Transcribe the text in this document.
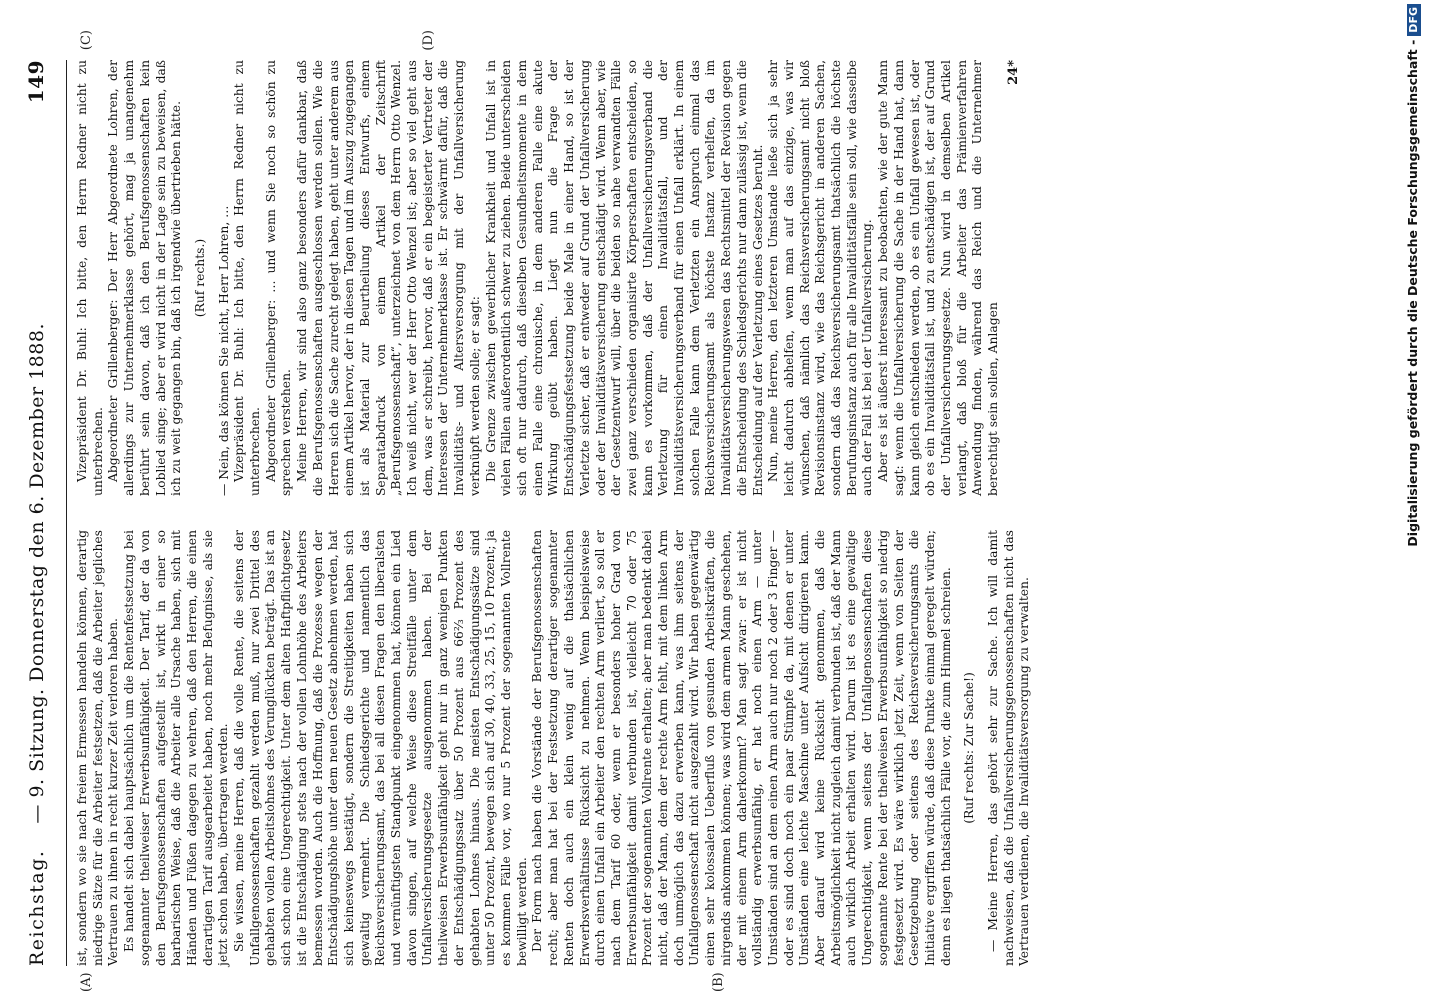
Reichstag.
— 9. Sitzung. Donnerstag den 6. Dezember 1888.
149
(A)	(B)

ist, sondern wo sie nach freiem Ermessen handeln können, derartig niedrige Sätze für die Arbeiter festsetzen, daß die Arbeiter jegliches Vertrauen zu ihnen in recht kurzer Zeit verloren haben. Es handelt sich dabei hauptsächlich um die Rentenfestsetzung bei sogenannter theilweiser Erwerbsunfähigkeit. Der Tarif, der da von den Berufsgenossenschaften aufgestellt ist, wirkt in einer so barbarischen Weise, daß die Arbeiter alle Ursache haben, sich mit Händen und Füßen dagegen zu wehren, daß den Herren, die einen derartigen Tarif ausgearbeitet haben, noch mehr Befugnisse, als sie jetzt schon haben, übertragen werden. Sie wissen, meine Herren, daß die volle Rente, die seitens der Unfallgenossenschaften gezahlt werden muß, nur zwei Drittel des gehabten vollen Arbeitslohnes des Verunglückten beträgt. Das ist an sich schon eine Ungerechtigkeit. Unter dem alten Haftpflichtgesetz ist die Entschädigung stets nach der vollen Lohnhöhe des Arbeiters bemessen worden. Auch die Hoffnung, daß die Prozesse wegen der Entschädigungshöhe unter dem neuen Gesetz abnehmen werden, hat sich keineswegs bestätigt, sondern die Streitigkeiten haben sich gewaltig vermehrt. Die Schiedsgerichte und namentlich das Reichsversicherungsamt, das bei all diesen Fragen den liberalsten und vernünftigsten Standpunkt eingenommen hat, können ein Lied davon singen, auf welche Weise diese Streitfälle unter dem Unfallversicherungsgesetze ausgenommen haben. Bei der theilweisen Erwerbsunfähigkeit geht nur in ganz wenigen Punkten der Entschädigungssatz über 50 Prozent aus 66⅔ Prozent des gehabten Lohnes hinaus. Die meisten Entschädigungssätze sind unter 50 Prozent, bewegen sich auf 30, 40, 33, 25, 15, 10 Prozent; ja es kommen Fälle vor, wo nur 5 Prozent der sogenannten Vollrente bewilligt werden. Der Form nach haben die Vorstände der Berufsgenossenschaften recht; aber man hat bei der Festsetzung derartiger sogenannter Renten doch auch ein klein wenig auf die thatsächlichen Erwerbsverhältnisse Rücksicht zu nehmen. Wenn beispielsweise durch einen Unfall ein Arbeiter den rechten Arm verliert, so soll er nach dem Tarif 60 oder, wenn er besonders hoher Grad von Erwerbsunfähigkeit damit verbunden ist, vielleicht 70 oder 75 Prozent der sogenannten Vollrente erhalten; aber man bedenkt dabei nicht, daß der Mann, dem der rechte Arm fehlt, mit dem linken Arm doch unmöglich das dazu erwerben kann, was ihm seitens der Unfallgenossenschaft nicht ausgezahlt wird. Wir haben gegenwärtig einen sehr kolossalen Ueberfluß von gesunden Arbeitskräften, die nirgends ankommen können; was wird dem armen Mann geschehen, der mit einem Arm daherkommt? Man sagt zwar: er ist nicht vollständig erwerbsunfähig, er hat noch einen Arm — unter Umständen sind an dem einen Arm auch nur noch 2 oder 3 Finger — oder es sind doch noch ein paar Stümpfe da, mit denen er unter Umständen eine leichte Maschine unter Aufsicht dirigieren kann. Aber darauf wird keine Rücksicht genommen, daß die Arbeitsmöglichkeit nicht zugleich damit verbunden ist, daß der Mann auch wirklich Arbeit erhalten wird. Darum ist es eine gewaltige Ungerechtigkeit, wenn seitens der Unfallgenossenschaften diese sogenannte Rente bei der theilweisen Erwerbsunfähigkeit so niedrig festgesetzt wird. Es wäre wirklich jetzt Zeit, wenn von Seiten der Gesetzgebung oder seitens des Reichsversicherungsamts die Initiative ergriffen würde, daß diese Punkte einmal geregelt würden; denn es liegen thatsächlich Fälle vor, die zum Himmel schreien. (Ruf rechts: Zur Sache!) — Meine Herren, das gehört sehr zur Sache. Ich will damit nachweisen, daß die Unfallversicherungsgenossenschaften nicht das Vertrauen verdienen, die Invaliditätsversorgung zu verwalten.

(C)	(D)

Vizepräsident Dr. Buhl: Ich bitte, den Herrn Redner nicht zu unterbrechen. Abgeordneter Grillenberger: Der Herr Abgeordnete Lohren, der allerdings zur Unternehmerklasse gehört, mag ja unangenehm berührt sein davon, daß ich den Berufsgenossenschaften kein Loblied singe; aber er wird nicht in der Lage sein zu beweisen, daß ich zu weit gegangen bin, daß ich irgendwie übertrieben hätte. (Ruf rechts.) — Nein, das können Sie nicht, Herr Lohren, … Vizepräsident Dr. Buhl: Ich bitte, den Herrn Redner nicht zu unterbrechen. Abgeordneter Grillenberger: … und wenn Sie noch so schön zu sprechen verstehen. Meine Herren, wir sind also ganz besonders dafür dankbar, daß die Berufsgenossenschaften ausgeschlossen werden sollen. Wie die Herren sich die Sache zurecht gelegt haben, geht unter anderem aus einem Artikel hervor, der in diesen Tagen und im Auszug zugegangen ist als Material zur Beurtheilung dieses Entwurfs, einem Separatabdruck von einem Artikel der Zeitschrift „Berufsgenossenschaft“, unterzeichnet von dem Herrn Otto Wenzel. Ich weiß nicht, wer der Herr Otto Wenzel ist; aber so viel geht aus dem, was er schreibt, hervor, daß er ein begeisterter Vertreter der Interessen der Unternehmerklasse ist. Er schwärmt dafür, daß die Invaliditäts- und Altersversorgung mit der Unfallversicherung verknüpft werden solle; er sagt: Die Grenze zwischen gewerblicher Krankheit und Unfall ist in vielen Fällen außerordentlich schwer zu ziehen. Beide unterscheiden sich oft nur dadurch, daß dieselben Gesundheitsmomente in dem einen Falle eine chronische, in dem anderen Falle eine akute Wirkung geübt haben. Liegt nun die Frage der Entschädigungsfestsetzung beide Male in einer Hand, so ist der Verletzte sicher, daß er entweder auf Grund der Unfallversicherung oder der Invaliditätsversicherung entschädigt wird. Wenn aber, wie der Gesetzentwurf will, über die beiden so nahe verwandten Fälle zwei ganz verschieden organisirte Körperschaften entscheiden, so kann es vorkommen, daß der Unfallversicherungsverband die Verletzung für einen Invaliditätsfall, und der Invaliditätsversicherungsverband für einen Unfall erklärt. In einem solchen Falle kann dem Verletzten ein Anspruch einmal das Reichsversicherungsamt als höchste Instanz verhelfen, da im Invaliditätsversicherungswesen das Rechtsmittel der Revision gegen die Entscheidung des Schiedsgerichts nur dann zulässig ist, wenn die Entscheidung auf der Verletzung eines Gesetzes beruht. Nun, meine Herren, den letzteren Umstande ließe sich ja sehr leicht dadurch abhelfen, wenn man auf das einzige, was wir wünschen, daß nämlich das Reichsversicherungsamt nicht bloß Revisionsinstanz wird, wie das Reichsgericht in anderen Sachen, sondern daß das Reichsversicherungsamt thatsächlich die höchste Berufungsinstanz auch für alle Invaliditätsfälle sein soll, wie dasselbe auch der Fall ist bei der Unfallversicherung. Aber es ist äußerst interessant zu beobachten, wie der gute Mann sagt: wenn die Unfallversicherung die Sache in der Hand hat, dann kann gleich entschieden werden, ob es ein Unfall gewesen ist, oder ob es ein Invaliditätsfall ist, und zu entschädigen ist, der auf Grund der Unfallversicherungsgesetze. Nun wird in demselben Artikel verlangt, daß bloß für die Arbeiter das Prämienverfahren Anwendung finden, während das Reich und die Unternehmer berechtigt sein sollen, Anlagen

24*	Digitalisierung gefördert durch die Deutsche Forschungsgemeinschaft -DFG
